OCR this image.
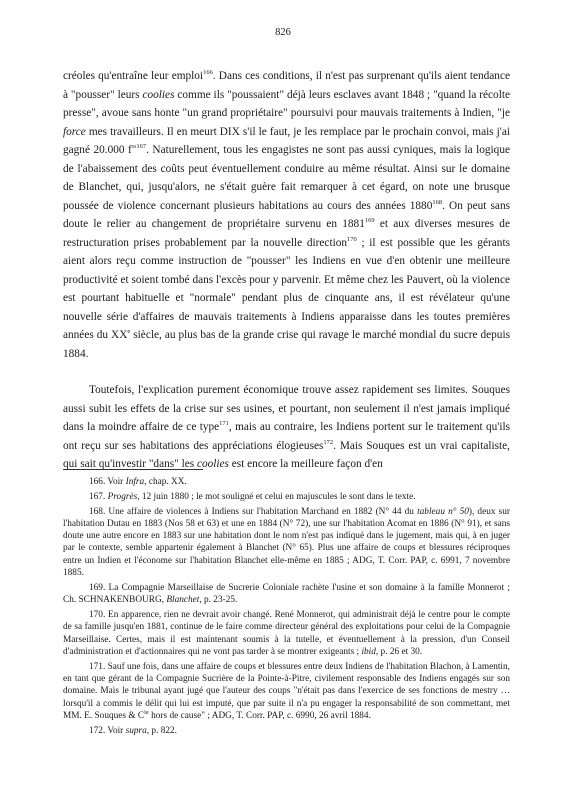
826

créoles qu'entraîne leur emploi$^{166}$. Dans ces conditions, il n'est pas surprenant qu'ils aient tendance à "pousser" leurs coolies comme ils "poussaient" déjà leurs esclaves avant 1848 ; "quand la récolte presse", avoue sans honte "un grand propriétaire" poursuivi pour mauvais traitements à Indien, "je force mes travailleurs. Il en meurt DIX s'il le faut, je les remplace par le prochain convoi, mais j'ai gagné 20.000 f"$^{167}$. Naturellement, tous les engagistes ne sont pas aussi cyniques, mais la logique de l'abaissement des coûts peut éventuellement conduire au même résultat. Ainsi sur le domaine de Blanchet, qui, jusqu'alors, ne s'était guère fait remarquer à cet égard, on note une brusque poussée de violence concernant plusieurs habitations au cours des années 1880$^{168}$. On peut sans doute le relier au changement de propriétaire survenu en 1881$^{169}$ et aux diverses mesures de restructuration prises probablement par la nouvelle direction$^{170}$ ; il est possible que les gérants aient alors reçu comme instruction de "pousser" les Indiens en vue d'en obtenir une meilleure productivité et soient tombé dans l'excès pour y parvenir. Et même chez les Pauvert, où la violence est pourtant habituelle et "normale" pendant plus de cinquante ans, il est révélateur qu'une nouvelle série d'affaires de mauvais traitements à Indiens apparaisse dans les toutes premières années du XXe siècle, au plus bas de la grande crise qui ravage le marché mondial du sucre depuis 1884.

Toutefois, l'explication purement économique trouve assez rapidement ses limites. Souques aussi subit les effets de la crise sur ses usines, et pourtant, non seulement il n'est jamais impliqué dans la moindre affaire de ce type$^{171}$, mais au contraire, les Indiens portent sur le traitement qu'ils ont reçu sur ses habitations des appréciations élogieuses$^{172}$. Mais Souques est un vrai capitaliste, qui sait qu'investir "dans" les coolies est encore la meilleure façon d'en

166. Voir Infra, chap. XX.

167. Progrès, 12 juin 1880 ; le mot souligné et celui en majuscules le sont dans le texte.

168. Une affaire de violences à Indiens sur l'habitation Marchand en 1882 (N° 44 du tableau n° 50), deux sur l'habitation Dutau en 1883 (Nos 58 et 63) et une en 1884 (N° 72), une sur l'habitation Acomat en 1886 (N° 91), et sans doute une autre encore en 1883 sur une habitation dont le nom n'est pas indiqué dans le jugement, mais qui, à en juger par le contexte, semble appartenir également à Blanchet (N° 65). Plus une affaire de coups et blessures réciproques entre un Indien et l'économe sur l'habitation Blanchet elle-même en 1885 ; ADG, T. Corr. PAP, c. 6991, 7 novembre 1885.

169. La Compagnie Marseillaise de Sucrerie Coloniale rachète l'usine et son domaine à la famille Monnerot ; Ch. SCHNAKENBOURG, Blanchet, p. 23-25.

170. En apparence, rien ne devrait avoir changé. René Monnerot, qui administrait déjà le centre pour le compte de sa famille jusqu'en 1881, continue de le faire comme directeur général des exploitations pour celui de la Compagnie Marseillaise. Certes, mais il est maintenant soumis à la tutelle, et éventuellement à la pression, d'un Conseil d'administration et d'actionnaires qui ne vont pas tarder à se montrer exigeants ; ibid, p. 26 et 30.

171. Sauf une fois, dans une affaire de coups et blessures entre deux Indiens de l'habitation Blachon, à Lamentin, en tant que gérant de la Compagnie Sucrière de la Pointe-à-Pitre, civilement responsable des Indiens engagés sur son domaine. Mais le tribunal ayant jugé que l'auteur des coups "n'était pas dans l'exercice de ses fonctions de mestry … lorsqu'il a commis le délit qui lui est imputé, que par suite il n'a pu engager la responsabilité de son commettant, met MM. E. Souques & $C^{ie}$ hors de cause" ; ADG, T. Corr. PAP, c. 6990, 26 avril 1884.

172. Voir supra, p. 822.
